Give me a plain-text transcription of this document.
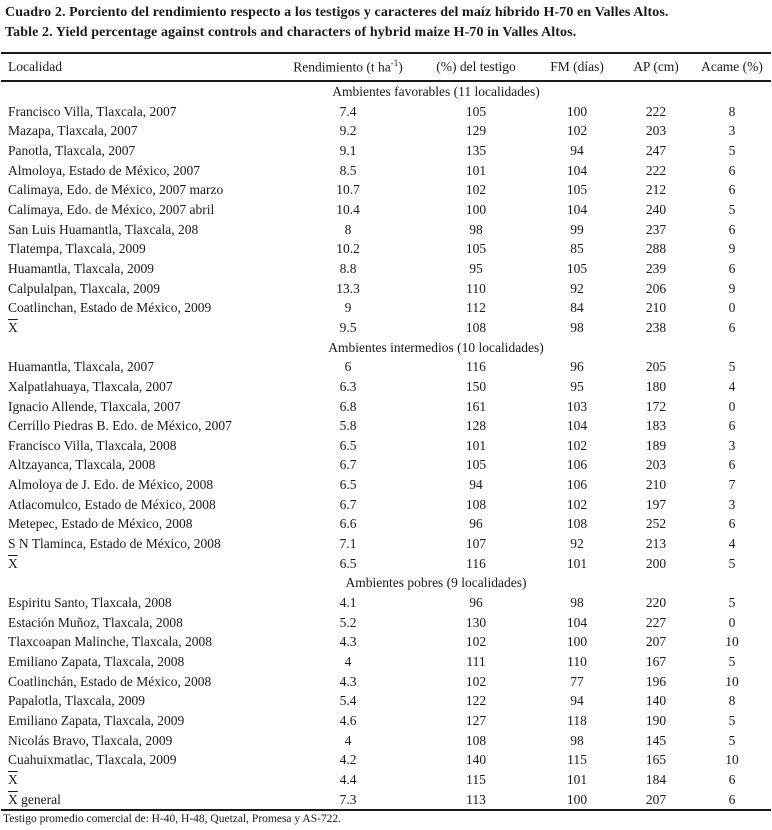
Cuadro 2. Porciento del rendimiento respecto a los testigos y caracteres del maíz híbrido H-70 en Valles Altos.
Table 2. Yield percentage against controls and characters of hybrid maize H-70 in Valles Altos.
Localidad	Rendimiento (t $ha^{-1}$)	(%) del testigo	FM (días)	AP (cm)	Acame (%)
Ambientes favorables (11 localidades)					
Francisco Villa, Tlaxcala, 2007	7.4	105	100	222	8
Mazapa, Tlaxcala, 2007	9.2	129	102	203	3
Panotla, Tlaxcala, 2007	9.1	135	94	247	5
Almoloya, Estado de México, 2007	8.5	101	104	222	6
Calimaya, Edo. de México, 2007 marzo	10.7	102	105	212	6
Calimaya, Edo. de México, 2007 abril	10.4	100	104	240	5
San Luis Huamantla, Tlaxcala, 208	8	98	99	237	6
Tlatempa, Tlaxcala, 2009	10.2	105	85	288	9
Huamantla, Tlaxcala, 2009	8.8	95	105	239	6
Calpulalpan, Tlaxcala, 2009	13.3	110	92	206	9
Coatlinchan, Estado de México, 2009	9	112	84	210	0
$\overline{X}$	9.5	108	98	238	6
Ambientes intermedios (10 localidades)					
Huamantla, Tlaxcala, 2007	6	116	96	205	5
Xalpatlahuaya, Tlaxcala, 2007	6.3	150	95	180	4
Ignacio Allende, Tlaxcala, 2007	6.8	161	103	172	0
Cerrillo Piedras B. Edo. de México, 2007	5.8	128	104	183	6
Francisco Villa, Tlaxcala, 2008	6.5	101	102	189	3
Altzayanca, Tlaxcala, 2008	6.7	105	106	203	6
Almoloya de J. Edo. de México, 2008	6.5	94	106	210	7
Atlacomulco, Estado de México, 2008	6.7	108	102	197	3
Metepec, Estado de México, 2008	6.6	96	108	252	6
S N Tlaminca, Estado de México, 2008	7.1	107	92	213	4
$\overline{X}$	6.5	116	101	200	5
Ambientes pobres (9 localidades)					
Espiritu Santo, Tlaxcala, 2008	4.1	96	98	220	5
Estación Muñoz, Tlaxcala, 2008	5.2	130	104	227	0
Tlaxcoapan Malinche, Tlaxcala, 2008	4.3	102	100	207	10
Emiliano Zapata, Tlaxcala, 2008	4	111	110	167	5
Coatlinchán, Estado de México, 2008	4.3	102	77	196	10
Papalotla, Tlaxcala, 2009	5.4	122	94	140	8
Emiliano Zapata, Tlaxcala, 2009	4.6	127	118	190	5
Nicolás Bravo, Tlaxcala, 2009	4	108	98	145	5
Cuahuixmatlac, Tlaxcala, 2009	4.2	140	115	165	10
$\overline{X}$	4.4	115	101	184	6
$\overline{X}$ general	7.3	113	100	207	6
Testigo promedio comercial de: H-40, H-48, Quetzal, Promesa y AS-722.
